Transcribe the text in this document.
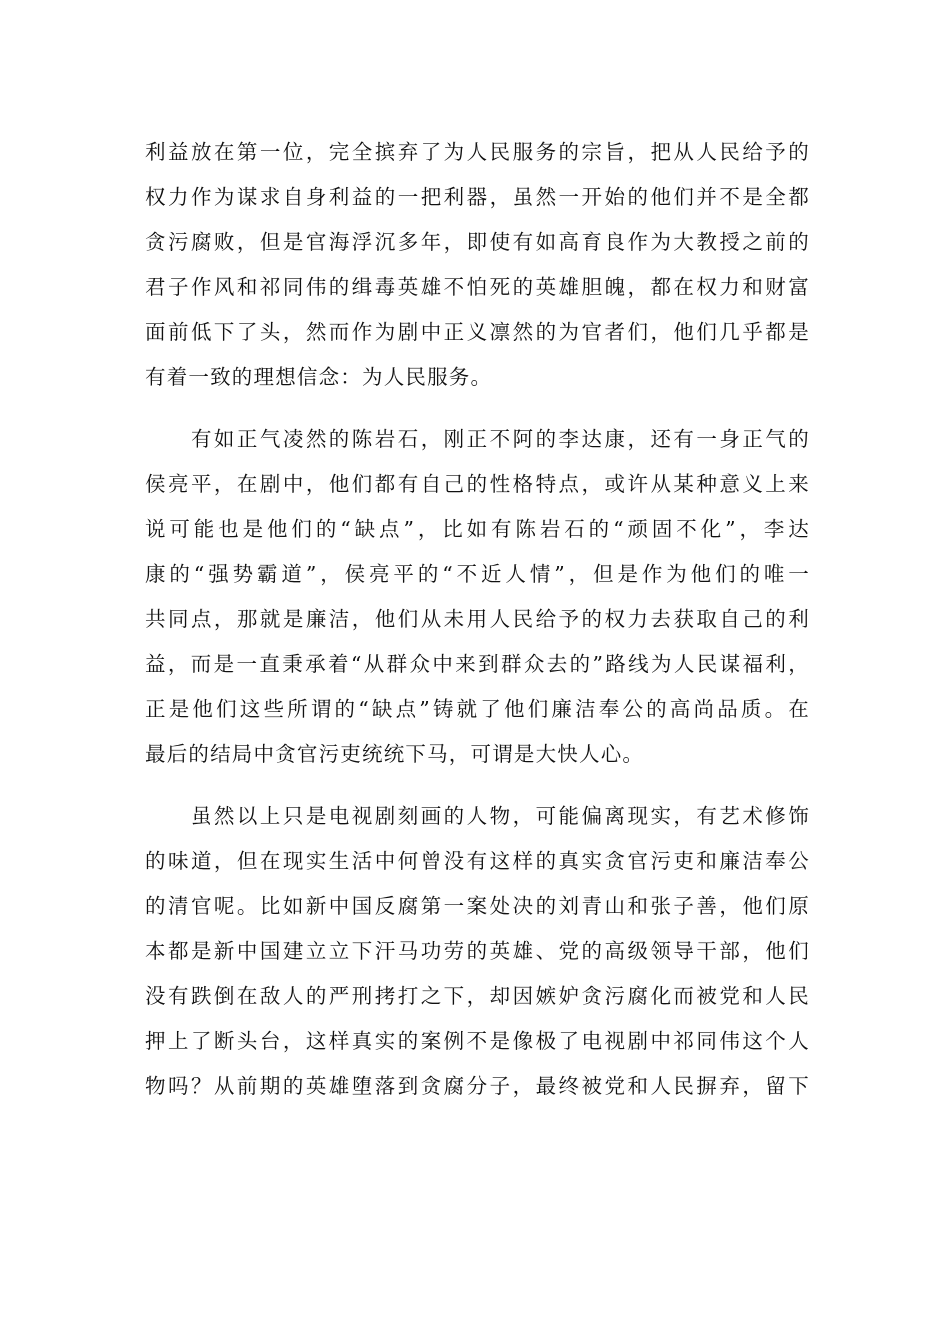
利益放在第一位，完全摈弃了为人民服务的宗旨，把从人民给予的
权力作为谋求自身利益的一把利器，虽然一开始的他们并不是全都
贪污腐败，但是官海浮沉多年，即使有如高育良作为大教授之前的
君子作风和祁同伟的缉毒英雄不怕死的英雄胆魄，都在权力和财富
面前低下了头，然而作为剧中正义凛然的为官者们，他们几乎都是
有着一致的理想信念：为人民服务。
　　有如正气凌然的陈岩石，刚正不阿的李达康，还有一身正气的
侯亮平，在剧中，他们都有自己的性格特点，或许从某种意义上来
说可能也是他们的“缺点”，比如有陈岩石的“顽固不化”，李达
康的“强势霸道”，侯亮平的“不近人情”，但是作为他们的唯一
共同点，那就是廉洁，他们从未用人民给予的权力去获取自己的利
益，而是一直秉承着“从群众中来到群众去的”路线为人民谋福利，
正是他们这些所谓的“缺点”铸就了他们廉洁奉公的高尚品质。在
最后的结局中贪官污吏统统下马，可谓是大快人心。
　　虽然以上只是电视剧刻画的人物，可能偏离现实，有艺术修饰
的味道，但在现实生活中何曾没有这样的真实贪官污吏和廉洁奉公
的清官呢。比如新中国反腐第一案处决的刘青山和张子善，他们原
本都是新中国建立立下汗马功劳的英雄、党的高级领导干部，他们
没有跌倒在敌人的严刑拷打之下，却因嫉妒贪污腐化而被党和人民
押上了断头台，这样真实的案例不是像极了电视剧中祁同伟这个人
物吗？从前期的英雄堕落到贪腐分子，最终被党和人民摒弃，留下
